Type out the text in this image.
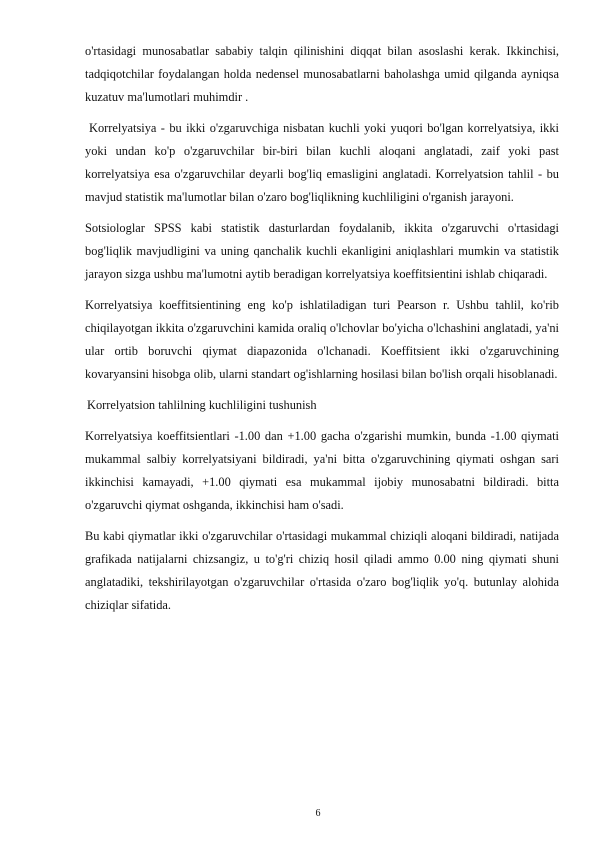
o'rtasidagi munosabatlar sababiy talqin qilinishini diqqat bilan asoslashi kerak. Ikkinchisi, tadqiqotchilar foydalangan holda nedensel munosabatlarni baholashga umid qilganda ayniqsa kuzatuv ma'lumotlari muhimdir .

Korrelyatsiya - bu ikki o'zgaruvchiga nisbatan kuchli yoki yuqori bo'lgan korrelyatsiya, ikki yoki undan ko'p o'zgaruvchilar bir-biri bilan kuchli aloqani anglatadi, zaif yoki past korrelyatsiya esa o'zgaruvchilar deyarli bog'liq emasligini anglatadi. Korrelyatsion tahlil - bu mavjud statistik ma'lumotlar bilan o'zaro bog'liqlikning kuchliligini o'rganish jarayoni.

Sotsiologlar SPSS kabi statistik dasturlardan foydalanib, ikkita o'zgaruvchi o'rtasidagi bog'liqlik mavjudligini va uning qanchalik kuchli ekanligini aniqlashlari mumkin va statistik jarayon sizga ushbu ma'lumotni aytib beradigan korrelyatsiya koeffitsientini ishlab chiqaradi.

Korrelyatsiya koeffitsientining eng ko'p ishlatiladigan turi Pearson r. Ushbu tahlil, ko'rib chiqilayotgan ikkita o'zgaruvchini kamida oraliq o'lchovlar bo'yicha o'lchashini anglatadi, ya'ni ular ortib boruvchi qiymat diapazonida o'lchanadi. Koeffitsient ikki o'zgaruvchining kovaryansini hisobga olib, ularni standart og'ishlarning hosilasi bilan bo'lish orqali hisoblanadi.

Korrelyatsion tahlilning kuchliligini tushunish

Korrelyatsiya koeffitsientlari -1.00 dan +1.00 gacha o'zgarishi mumkin, bunda -1.00 qiymati mukammal salbiy korrelyatsiyani bildiradi, ya'ni bitta o'zgaruvchining qiymati oshgan sari ikkinchisi kamayadi, +1.00 qiymati esa mukammal ijobiy munosabatni bildiradi. bitta o'zgaruvchi qiymat oshganda, ikkinchisi ham o'sadi.

Bu kabi qiymatlar ikki o'zgaruvchilar o'rtasidagi mukammal chiziqli aloqani bildiradi, natijada grafikada natijalarni chizsangiz, u to'g'ri chiziq hosil qiladi ammo 0.00 ning qiymati shuni anglatadiki, tekshirilayotgan o'zgaruvchilar o'rtasida o'zaro bog'liqlik yo'q. butunlay alohida chiziqlar sifatida.

6
